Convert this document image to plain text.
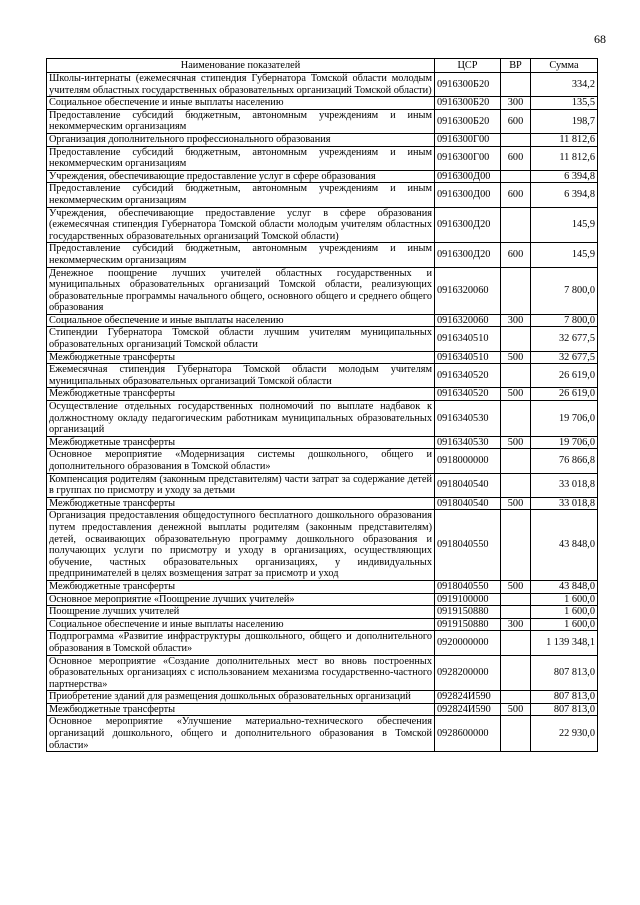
68
Наименование показателей	ЦСР	ВР	Сумма
Школы-интернаты (ежемесячная стипендия Губернатора Томской области молодым учителям областных государственных образовательных организаций Томской области)	0916300Б20		334,2
Социальное обеспечение и иные выплаты населению	0916300Б20	300	135,5
Предоставление субсидий бюджетным, автономным учреждениям и иным некоммерческим организациям	0916300Б20	600	198,7
Организация дополнительного профессионального образования	0916300Г00		11 812,6
Предоставление субсидий бюджетным, автономным учреждениям и иным некоммерческим организациям	0916300Г00	600	11 812,6
Учреждения, обеспечивающие предоставление услуг в сфере образования	0916300Д00		6 394,8
Предоставление субсидий бюджетным, автономным учреждениям и иным некоммерческим организациям	0916300Д00	600	6 394,8
Учреждения, обеспечивающие предоставление услуг в сфере образования (ежемесячная стипендия Губернатора Томской области молодым учителям областных государственных образовательных организаций Томской области)	0916300Д20		145,9
Предоставление субсидий бюджетным, автономным учреждениям и иным некоммерческим организациям	0916300Д20	600	145,9
Денежное поощрение лучших учителей областных государственных и муниципальных образовательных организаций Томской области, реализующих образовательные программы начального общего, основного общего и среднего общего образования	0916320060		7 800,0
Социальное обеспечение и иные выплаты населению	0916320060	300	7 800,0
Стипендии Губернатора Томской области лучшим учителям муниципальных образовательных организаций Томской области	0916340510		32 677,5
Межбюджетные трансферты	0916340510	500	32 677,5
Ежемесячная стипендия Губернатора Томской области молодым учителям муниципальных образовательных организаций Томской области	0916340520		26 619,0
Межбюджетные трансферты	0916340520	500	26 619,0
Осуществление отдельных государственных полномочий по выплате надбавок к должностному окладу педагогическим работникам муниципальных образовательных организаций	0916340530		19 706,0
Межбюджетные трансферты	0916340530	500	19 706,0
Основное мероприятие «Модернизация системы дошкольного, общего и дополнительного образования в Томской области»	0918000000		76 866,8
Компенсация родителям (законным представителям) части затрат за содержание детей в группах по присмотру и уходу за детьми	0918040540		33 018,8
Межбюджетные трансферты	0918040540	500	33 018,8
Организация предоставления общедоступного бесплатного дошкольного образования путем предоставления денежной выплаты родителям (законным представителям) детей, осваивающих образовательную программу дошкольного образования и получающих услуги по присмотру и уходу в организациях, осуществляющих обучение, частных образовательных организациях, у индивидуальных предпринимателей в целях возмещения затрат за присмотр и уход	0918040550		43 848,0
Межбюджетные трансферты	0918040550	500	43 848,0
Основное мероприятие «Поощрение лучших учителей»	0919100000		1 600,0
Поощрение лучших учителей	0919150880		1 600,0
Социальное обеспечение и иные выплаты населению	0919150880	300	1 600,0
Подпрограмма «Развитие инфраструктуры дошкольного, общего и дополнительного образования в Томской области»	0920000000		1 139 348,1
Основное мероприятие «Создание дополнительных мест во вновь построенных образовательных организациях с использованием механизма государственно-частного партнерства»	0928200000		807 813,0
Приобретение зданий для размещения дошкольных образовательных организаций	092824И590		807 813,0
Межбюджетные трансферты	092824И590	500	807 813,0
Основное мероприятие «Улучшение материально-технического обеспечения организаций дошкольного, общего и дополнительного образования в Томской области»	0928600000		22 930,0
